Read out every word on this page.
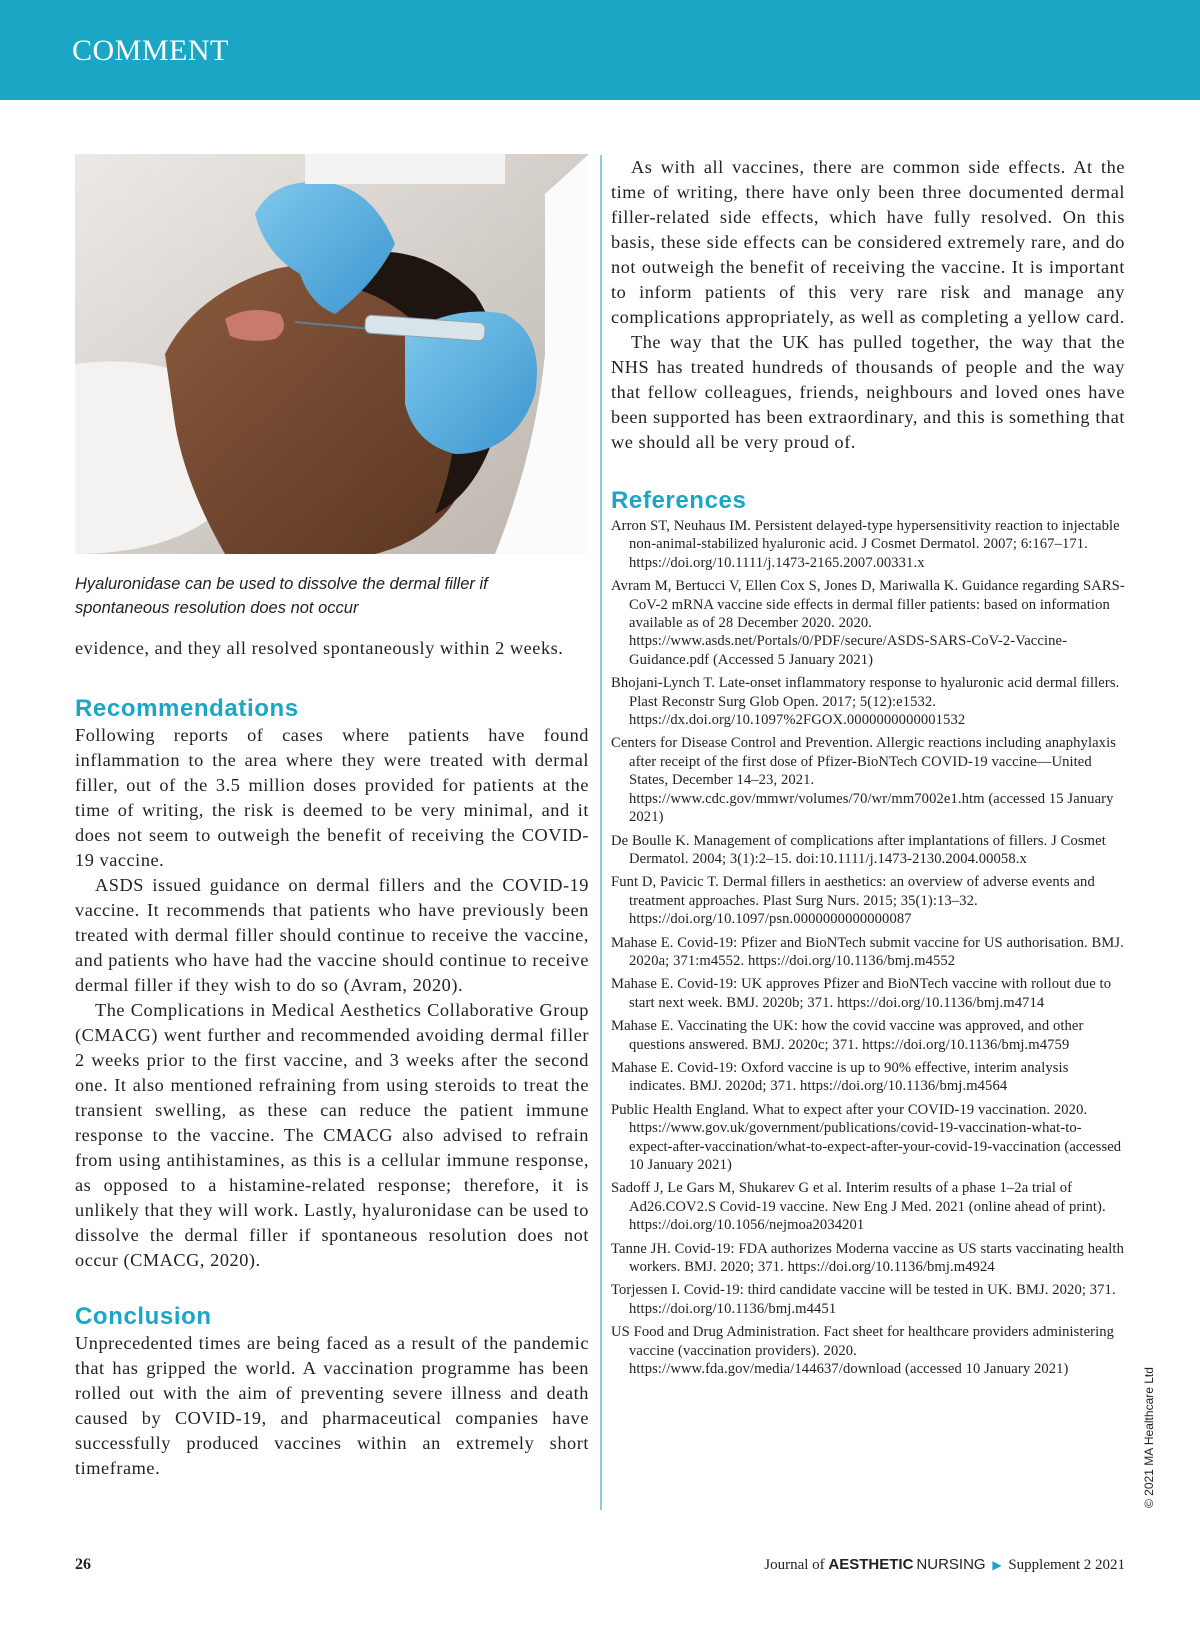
COMMENT
Hyaluronidase can be used to dissolve the dermal filler if spontaneous resolution does not occur

evidence, and they all resolved spontaneously within 2 weeks.

Recommendations

Following reports of cases where patients have found inflammation to the area where they were treated with dermal filler, out of the 3.5 million doses provided for patients at the time of writing, the risk is deemed to be very minimal, and it does not seem to outweigh the benefit of receiving the COVID-19 vaccine.

ASDS issued guidance on dermal fillers and the COVID-19 vaccine. It recommends that patients who have previously been treated with dermal filler should continue to receive the vaccine, and patients who have had the vaccine should continue to receive dermal filler if they wish to do so (Avram, 2020).

The Complications in Medical Aesthetics Collaborative Group (CMACG) went further and recommended avoiding dermal filler 2 weeks prior to the first vaccine, and 3 weeks after the second one. It also mentioned refraining from using steroids to treat the transient swelling, as these can reduce the patient immune response to the vaccine. The CMACG also advised to refrain from using antihistamines, as this is a cellular immune response, as opposed to a histamine-related response; therefore, it is unlikely that they will work. Lastly, hyaluronidase can be used to dissolve the dermal filler if spontaneous resolution does not occur (CMACG, 2020).

Conclusion

Unprecedented times are being faced as a result of the pandemic that has gripped the world. A vaccination programme has been rolled out with the aim of preventing severe illness and death caused by COVID-19, and pharmaceutical companies have successfully produced vaccines within an extremely short timeframe.

As with all vaccines, there are common side effects. At the time of writing, there have only been three documented dermal filler-related side effects, which have fully resolved. On this basis, these side effects can be considered extremely rare, and do not outweigh the benefit of receiving the vaccine. It is important to inform patients of this very rare risk and manage any complications appropriately, as well as completing a yellow card.

The way that the UK has pulled together, the way that the NHS has treated hundreds of thousands of people and the way that fellow colleagues, friends, neighbours and loved ones have been supported has been extraordinary, and this is something that we should all be very proud of.

References
Arron ST, Neuhaus IM. Persistent delayed-type hypersensitivity reaction to injectable non-animal-stabilized hyaluronic acid. J Cosmet Dermatol. 2007; 6:167–171. https://doi.org/10.1111/j.1473-2165.2007.00331.x
Avram M, Bertucci V, Ellen Cox S, Jones D, Mariwalla K. Guidance regarding SARS-CoV-2 mRNA vaccine side effects in dermal filler patients: based on information available as of 28 December 2020. 2020. https://www.asds.net/Portals/0/PDF/secure/ASDS-SARS-CoV-2-Vaccine-Guidance.pdf (Accessed 5 January 2021)
Bhojani-Lynch T. Late-onset inflammatory response to hyaluronic acid dermal fillers. Plast Reconstr Surg Glob Open. 2017; 5(12):e1532. https://dx.doi.org/10.1097%2FGOX.0000000000001532
Centers for Disease Control and Prevention. Allergic reactions including anaphylaxis after receipt of the first dose of Pfizer-BioNTech COVID-19 vaccine—United States, December 14–23, 2021. https://www.cdc.gov/mmwr/volumes/70/wr/mm7002e1.htm (accessed 15 January 2021)
De Boulle K. Management of complications after implantations of fillers. J Cosmet Dermatol. 2004; 3(1):2–15. doi:10.1111/j.1473-2130.2004.00058.x
Funt D, Pavicic T. Dermal fillers in aesthetics: an overview of adverse events and treatment approaches. Plast Surg Nurs. 2015; 35(1):13–32. https://doi.org/10.1097/psn.0000000000000087
Mahase E. Covid-19: Pfizer and BioNTech submit vaccine for US authorisation. BMJ. 2020a; 371:m4552. https://doi.org/10.1136/bmj.m4552
Mahase E. Covid-19: UK approves Pfizer and BioNTech vaccine with rollout due to start next week. BMJ. 2020b; 371. https://doi.org/10.1136/bmj.m4714
Mahase E. Vaccinating the UK: how the covid vaccine was approved, and other questions answered. BMJ. 2020c; 371. https://doi.org/10.1136/bmj.m4759
Mahase E. Covid-19: Oxford vaccine is up to 90% effective, interim analysis indicates. BMJ. 2020d; 371. https://doi.org/10.1136/bmj.m4564
Public Health England. What to expect after your COVID-19 vaccination. 2020. https://www.gov.uk/government/publications/covid-19-vaccination-what-to-expect-after-vaccination/what-to-expect-after-your-covid-19-vaccination (accessed 10 January 2021)
Sadoff J, Le Gars M, Shukarev G et al. Interim results of a phase 1–2a trial of Ad26.COV2.S Covid-19 vaccine. New Eng J Med. 2021 (online ahead of print). https://doi.org/10.1056/nejmoa2034201
Tanne JH. Covid-19: FDA authorizes Moderna vaccine as US starts vaccinating health workers. BMJ. 2020; 371. https://doi.org/10.1136/bmj.m4924
Torjessen I. Covid-19: third candidate vaccine will be tested in UK. BMJ. 2020; 371. https://doi.org/10.1136/bmj.m4451
US Food and Drug Administration. Fact sheet for healthcare providers administering vaccine (vaccination providers). 2020. https://www.fda.gov/media/144637/download (accessed 10 January 2021)	© 2021 MA Healthcare Ltd
26	Journal of AESTHETIC NURSING ▶ Supplement 2 2021
